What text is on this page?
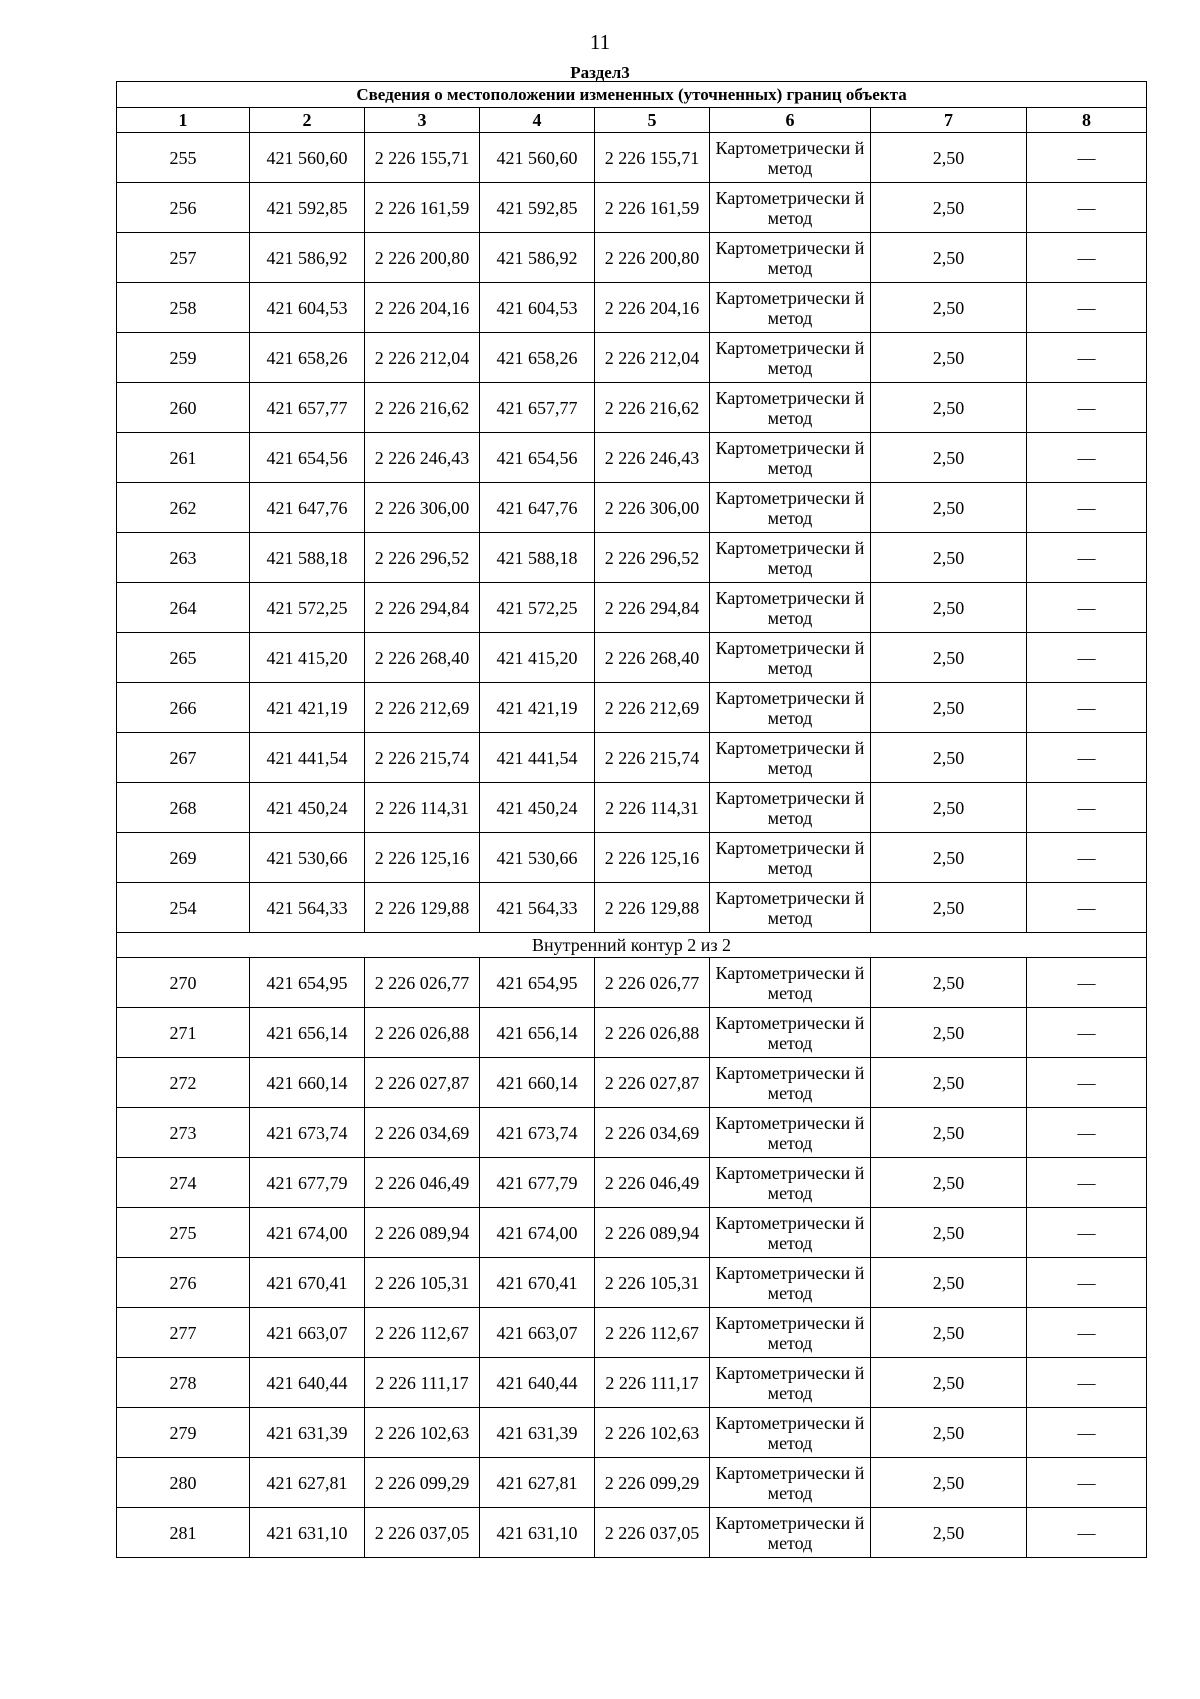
11
Раздел3
Сведения о местоположении измененных (уточненных) границ объекта							
1	2	3	4	5	6	7	8
255	421 560,60	2 226 155,71	421 560,60	2 226 155,71	Картометрически й метод	2,50	—
256	421 592,85	2 226 161,59	421 592,85	2 226 161,59	Картометрически й метод	2,50	—
257	421 586,92	2 226 200,80	421 586,92	2 226 200,80	Картометрически й метод	2,50	—
258	421 604,53	2 226 204,16	421 604,53	2 226 204,16	Картометрически й метод	2,50	—
259	421 658,26	2 226 212,04	421 658,26	2 226 212,04	Картометрически й метод	2,50	—
260	421 657,77	2 226 216,62	421 657,77	2 226 216,62	Картометрически й метод	2,50	—
261	421 654,56	2 226 246,43	421 654,56	2 226 246,43	Картометрически й метод	2,50	—
262	421 647,76	2 226 306,00	421 647,76	2 226 306,00	Картометрически й метод	2,50	—
263	421 588,18	2 226 296,52	421 588,18	2 226 296,52	Картометрически й метод	2,50	—
264	421 572,25	2 226 294,84	421 572,25	2 226 294,84	Картометрически й метод	2,50	—
265	421 415,20	2 226 268,40	421 415,20	2 226 268,40	Картометрически й метод	2,50	—
266	421 421,19	2 226 212,69	421 421,19	2 226 212,69	Картометрически й метод	2,50	—
267	421 441,54	2 226 215,74	421 441,54	2 226 215,74	Картометрически й метод	2,50	—
268	421 450,24	2 226 114,31	421 450,24	2 226 114,31	Картометрически й метод	2,50	—
269	421 530,66	2 226 125,16	421 530,66	2 226 125,16	Картометрически й метод	2,50	—
254	421 564,33	2 226 129,88	421 564,33	2 226 129,88	Картометрически й метод	2,50	—
Внутренний контур 2 из 2							
270	421 654,95	2 226 026,77	421 654,95	2 226 026,77	Картометрически й метод	2,50	—
271	421 656,14	2 226 026,88	421 656,14	2 226 026,88	Картометрически й метод	2,50	—
272	421 660,14	2 226 027,87	421 660,14	2 226 027,87	Картометрически й метод	2,50	—
273	421 673,74	2 226 034,69	421 673,74	2 226 034,69	Картометрически й метод	2,50	—
274	421 677,79	2 226 046,49	421 677,79	2 226 046,49	Картометрически й метод	2,50	—
275	421 674,00	2 226 089,94	421 674,00	2 226 089,94	Картометрически й метод	2,50	—
276	421 670,41	2 226 105,31	421 670,41	2 226 105,31	Картометрически й метод	2,50	—
277	421 663,07	2 226 112,67	421 663,07	2 226 112,67	Картометрически й метод	2,50	—
278	421 640,44	2 226 111,17	421 640,44	2 226 111,17	Картометрически й метод	2,50	—
279	421 631,39	2 226 102,63	421 631,39	2 226 102,63	Картометрически й метод	2,50	—
280	421 627,81	2 226 099,29	421 627,81	2 226 099,29	Картометрически й метод	2,50	—
281	421 631,10	2 226 037,05	421 631,10	2 226 037,05	Картометрически й метод	2,50	—
